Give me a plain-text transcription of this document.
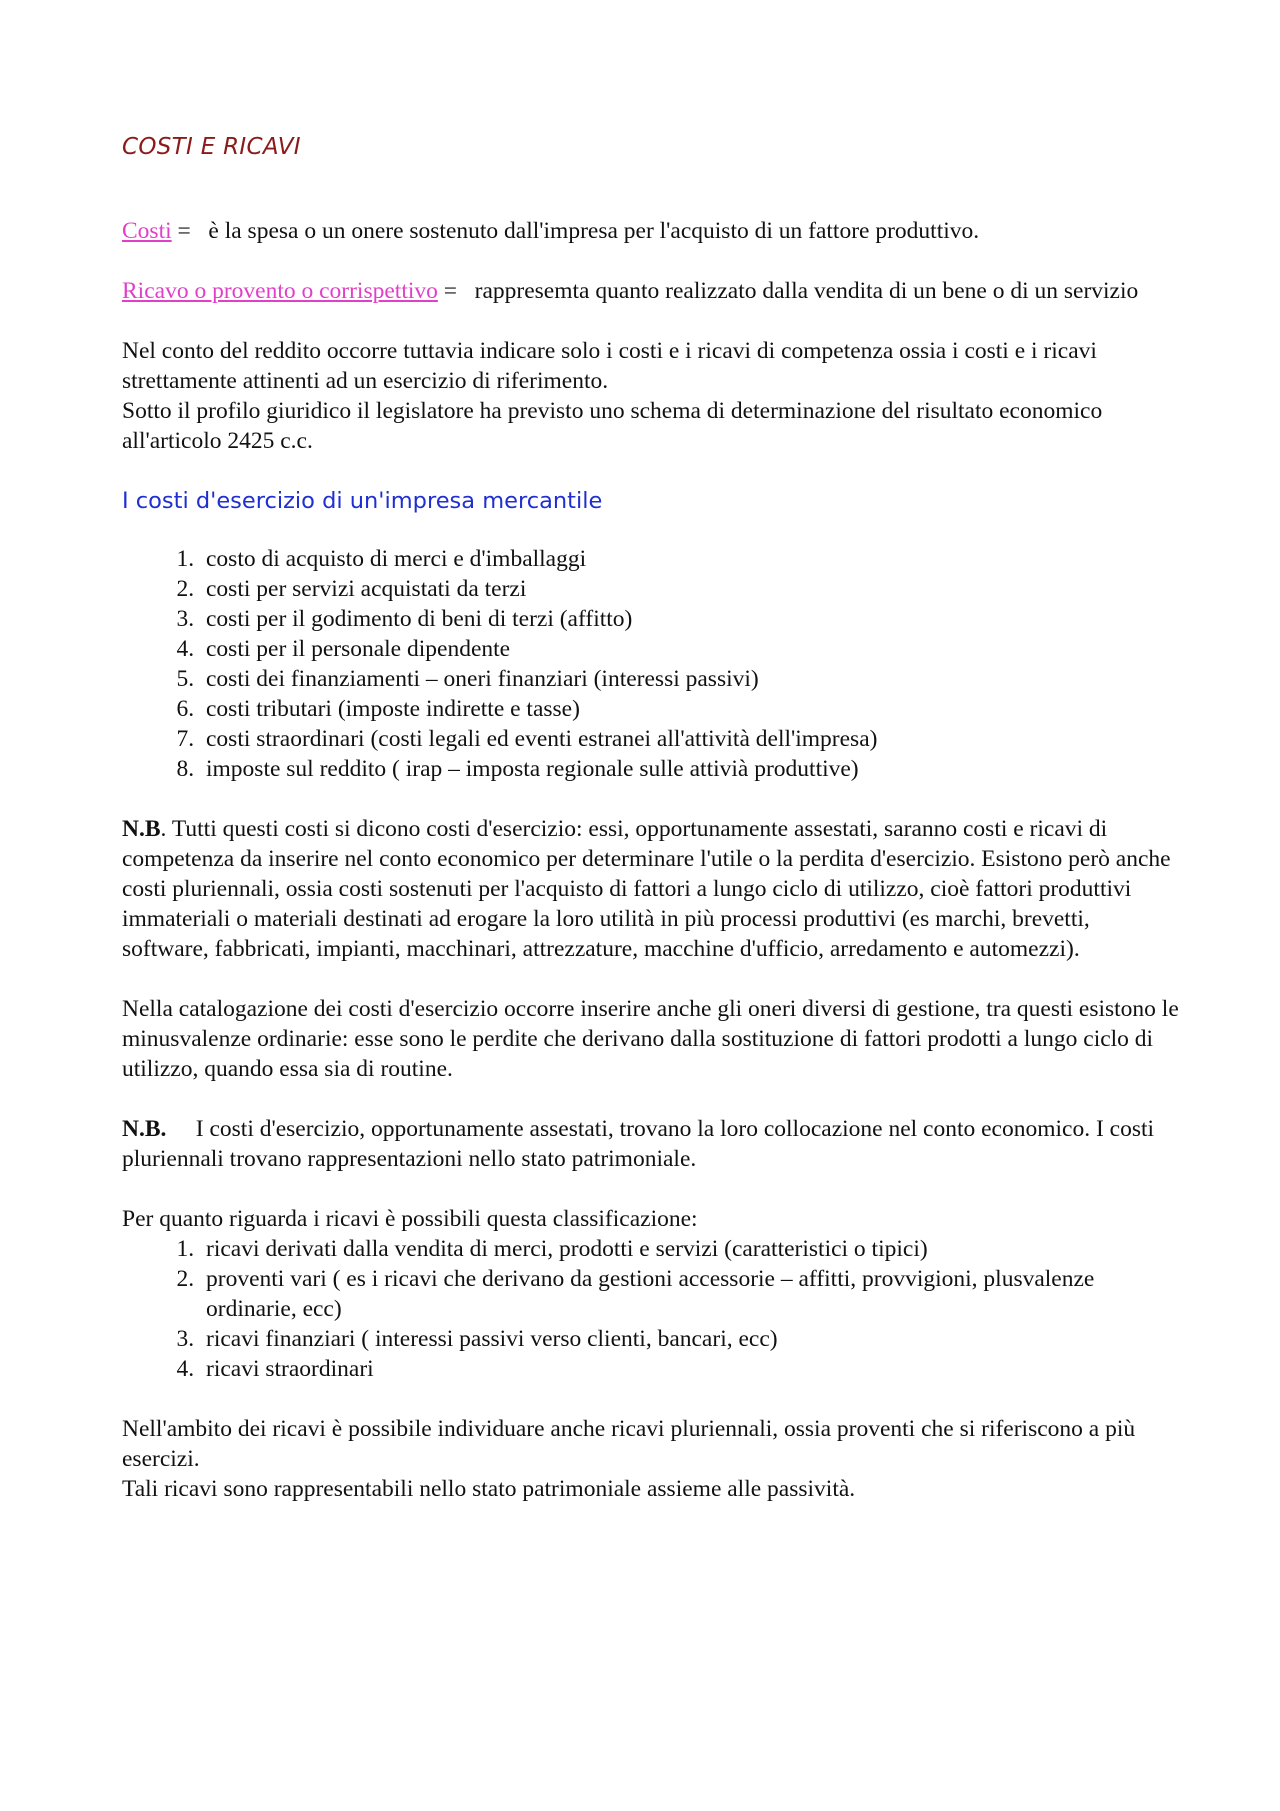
COSTI E RICAVI

Costi =   è la spesa o un onere sostenuto dall'impresa per l'acquisto di un fattore produttivo.

Ricavo o provento o corrispettivo =   rappresemta quanto realizzato dalla vendita di un bene o di un servizio

Nel conto del reddito occorre tuttavia indicare solo i costi e i ricavi di competenza ossia i costi e i ricavi strettamente attinenti ad un esercizio di riferimento.

Sotto il profilo giuridico il legislatore ha previsto uno schema di determinazione del risultato economico all'articolo 2425 c.c.

I costi d'esercizio di un'impresa mercantile
1. costo di acquisto di merci e d'imballaggi
2. costi per servizi acquistati da terzi
3. costi per il godimento di beni di terzi (affitto)
4. costi per il personale dipendente
5. costi dei finanziamenti – oneri finanziari (interessi passivi)
6. costi tributari (imposte indirette e tasse)
7. costi straordinari (costi legali ed eventi estranei all'attività dell'impresa)
8. imposte sul reddito ( irap – imposta regionale sulle attivià produttive)

N.B. Tutti questi costi si dicono costi d'esercizio: essi, opportunamente assestati, saranno costi e ricavi di competenza da inserire nel conto economico per determinare l'utile o la perdita d'esercizio. Esistono però anche costi pluriennali, ossia costi sostenuti per l'acquisto di fattori a lungo ciclo di utilizzo, cioè fattori produttivi immateriali o materiali destinati ad erogare la loro utilità in più processi produttivi (es marchi, brevetti, software, fabbricati, impianti, macchinari, attrezzature, macchine d'ufficio, arredamento e automezzi).

Nella catalogazione dei costi d'esercizio occorre inserire anche gli oneri diversi di gestione, tra questi esistono le minusvalenze ordinarie: esse sono le perdite che derivano dalla sostituzione di fattori prodotti a lungo ciclo di utilizzo, quando essa sia di routine.

N.B.     I costi d'esercizio, opportunamente assestati, trovano la loro collocazione nel conto economico. I costi pluriennali trovano rappresentazioni nello stato patrimoniale.

Per quanto riguarda i ricavi è possibili questa classificazione:

1. ricavi derivati dalla vendita di merci, prodotti e servizi (caratteristici o tipici)
2. proventi vari ( es i ricavi che derivano da gestioni accessorie – affitti, provvigioni, plusvalenze ordinarie, ecc)
3. ricavi finanziari ( interessi passivi verso clienti, bancari, ecc)
4. ricavi straordinari

Nell'ambito dei ricavi è possibile individuare anche ricavi pluriennali, ossia proventi che si riferiscono a più esercizi.

Tali ricavi sono rappresentabili nello stato patrimoniale assieme alle passività.
